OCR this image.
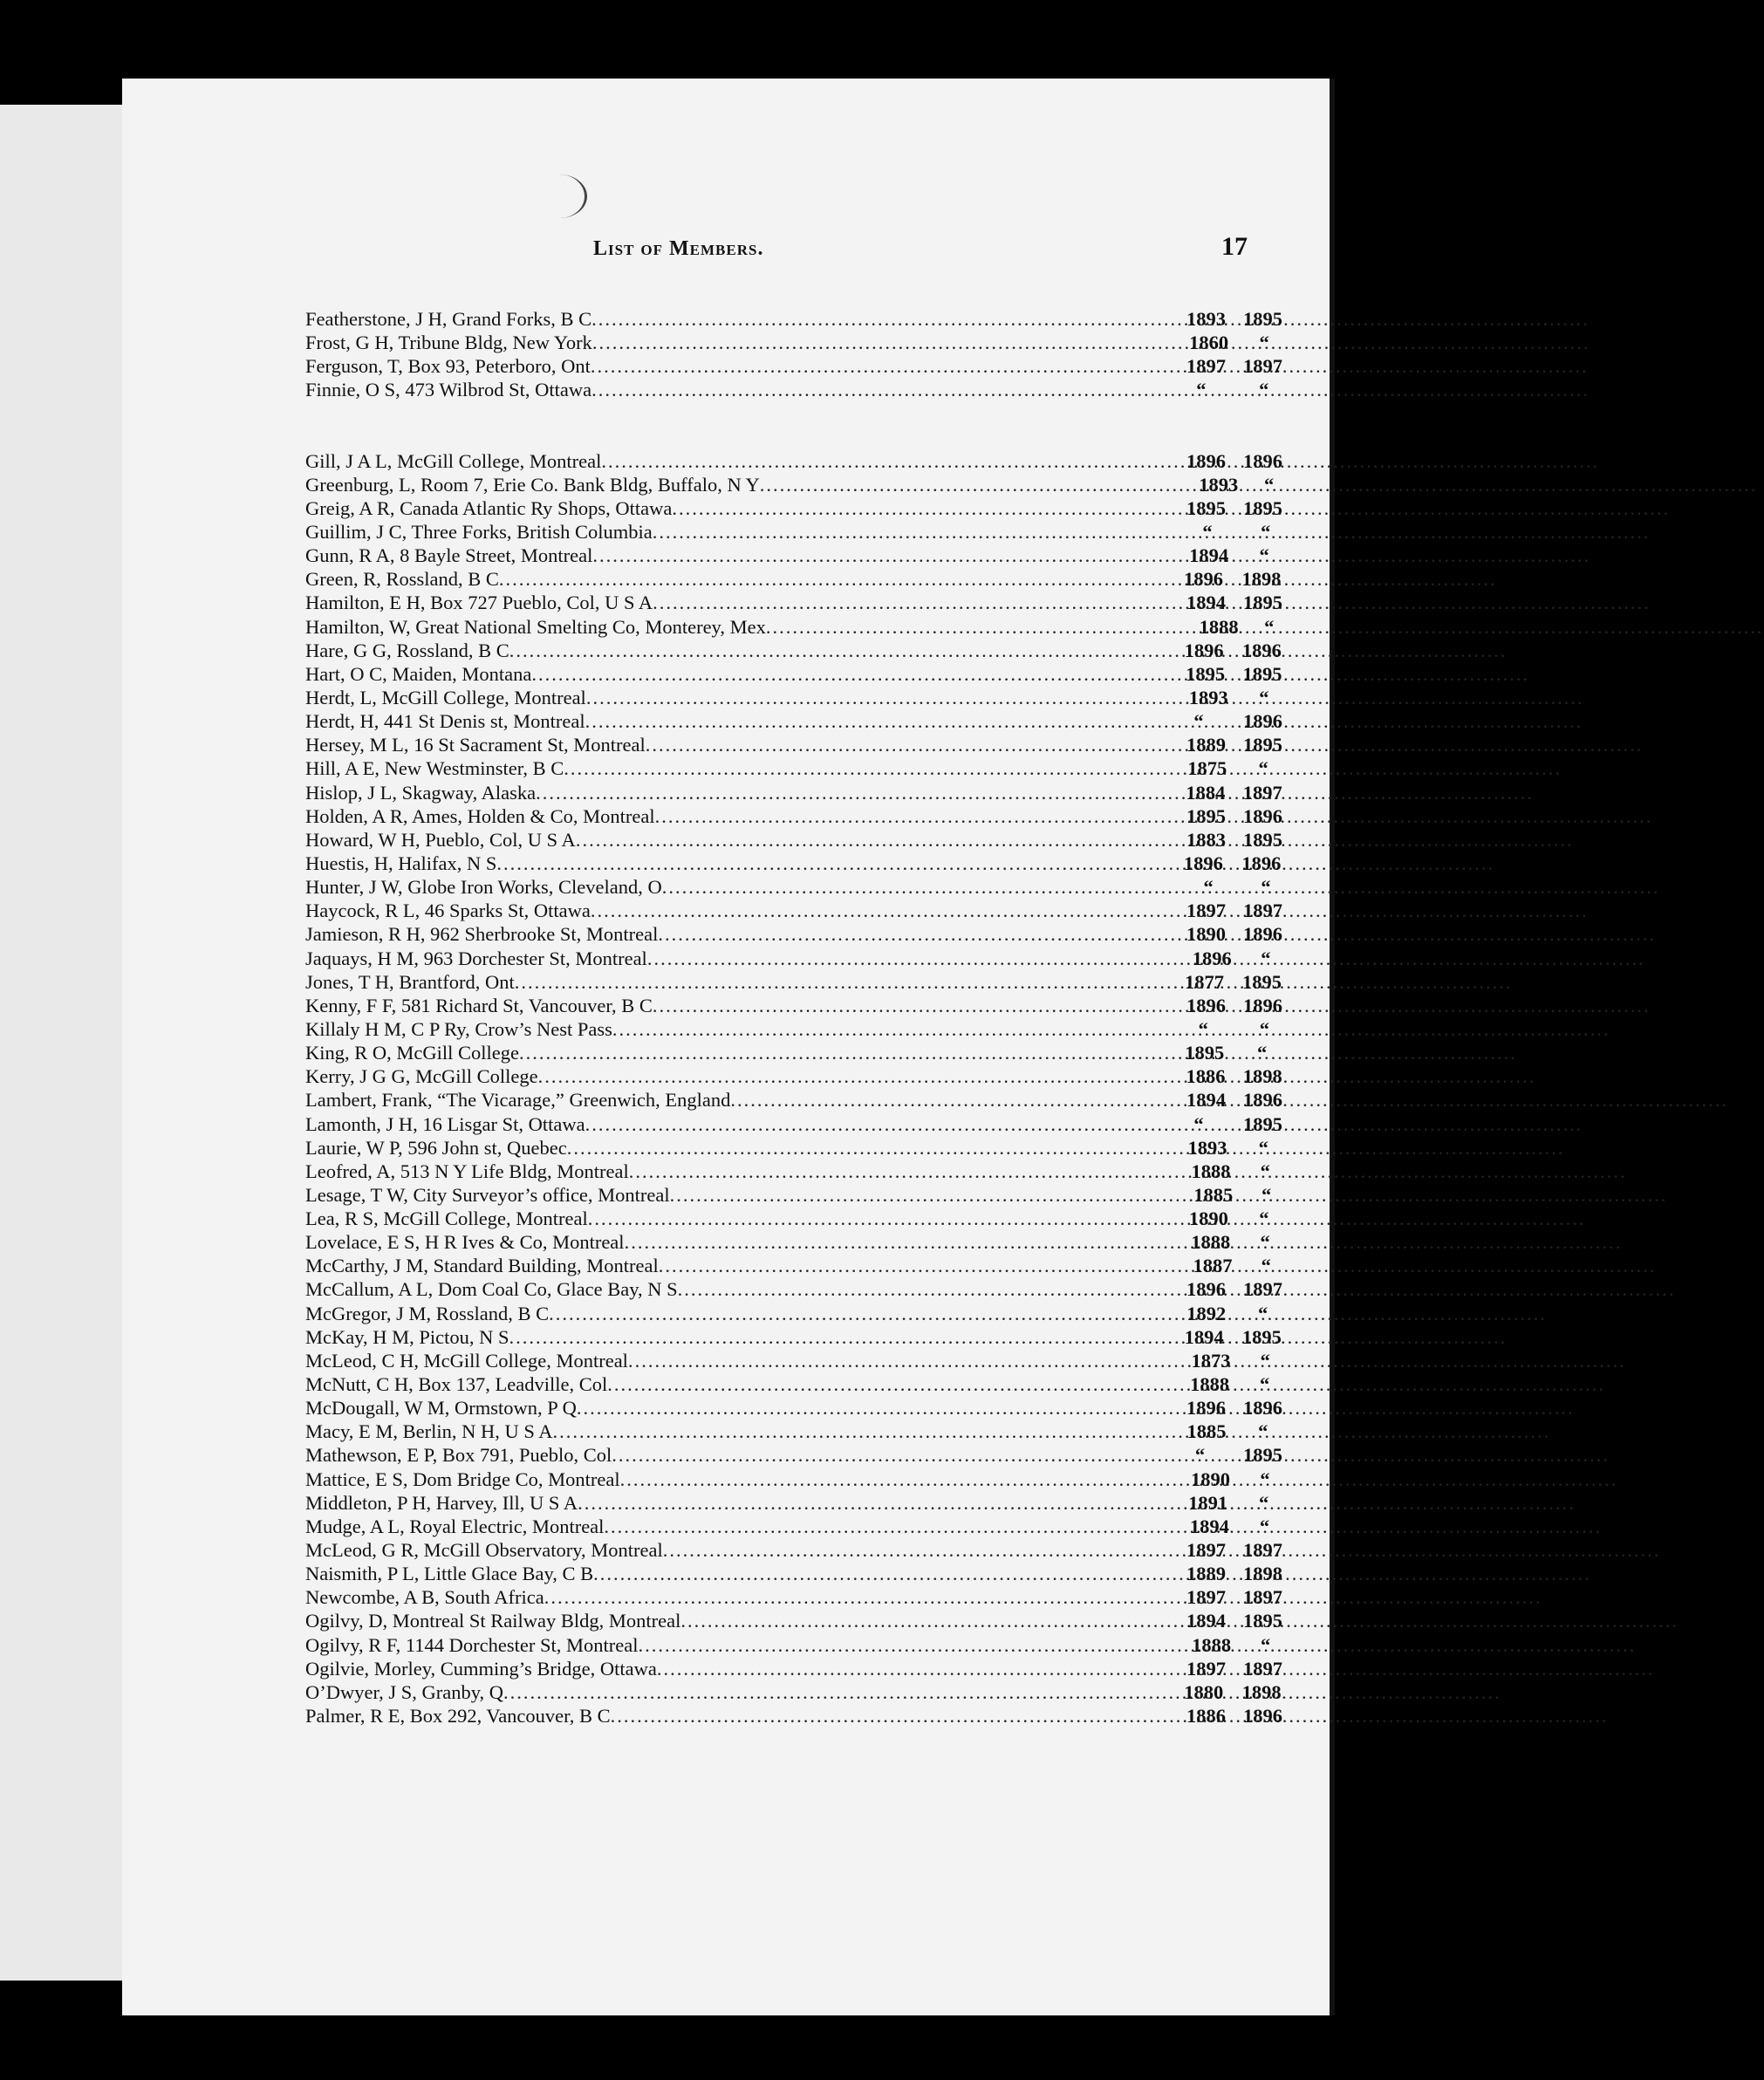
List of Members.	17
Featherstone, J H, Grand Forks, B C .....	1893 1895
Frost, G H, Tribune Bldg, New York .....	1860	“
Ferguson, T, Box 93, Peterboro, Ont .....	1897 1897
Finnie, O S, 473 Wilbrod St, Ottawa .....	“	“
Gill, J A L, McGill College, Montreal .....	1896 1896
Greenburg, L, Room 7, Erie Co. Bank Bldg, Buffalo, N Y .....	1893	“
Greig, A R, Canada Atlantic Ry Shops, Ottawa .....	1895 1895
Guillim, J C, Three Forks, British Columbia .....	“	“
Gunn, R A, 8 Bayle Street, Montreal .....	1894	“
Green, R, Rossland, B C .....	1896 1898
Hamilton, E H, Box 727 Pueblo, Col, U S A .....	1894 1895
Hamilton, W, Great National Smelting Co, Monterey, Mex .....	1888	“
Hare, G G, Rossland, B C .....	1896 1896
Hart, O C, Maiden, Montana .....	1895 1895
Herdt, L, McGill College, Montreal .....	1893	“
Herdt, H, 441 St Denis st, Montreal .....	“	1896
Hersey, M L, 16 St Sacrament St, Montreal .....	1889 1895
Hill, A E, New Westminster, B C .....	1875	“
Hislop, J L, Skagway, Alaska .....	1884 1897
Holden, A R, Ames, Holden & Co, Montreal .....	1895 1896
Howard, W H, Pueblo, Col, U S A .....	1883 1895
Huestis, H, Halifax, N S .....	1896 1896
Hunter, J W, Globe Iron Works, Cleveland, O .....	“	“
Haycock, R L, 46 Sparks St, Ottawa .....	1897 1897
Jamieson, R H, 962 Sherbrooke St, Montreal .....	1890 1896
Jaquays, H M, 963 Dorchester St, Montreal .....	1896	“
Jones, T H, Brantford, Ont .....	1877 1895
Kenny, F F, 581 Richard St, Vancouver, B C .....	1896 1896
Killaly H M, C P Ry, Crow’s Nest Pass .....	“	“
King, R O, McGill College .....	1895	“
Kerry, J G G, McGill College .....	1886 1898
Lambert, Frank, “The Vicarage,” Greenwich, England .....	1894 1896
Lamonth, J H, 16 Lisgar St, Ottawa .....	“	1895
Laurie, W P, 596 John st, Quebec .....	1893	“
Leofred, A, 513 N Y Life Bldg, Montreal .....	1888	“
Lesage, T W, City Surveyor’s office, Montreal .....	1885	“
Lea, R S, McGill College, Montreal .....	1890	“
Lovelace, E S, H R Ives & Co, Montreal .....	1888	“
McCarthy, J M, Standard Building, Montreal .....	1887	“
McCallum, A L, Dom Coal Co, Glace Bay, N S .....	1896 1897
McGregor, J M, Rossland, B C .....	1892	“
McKay, H M, Pictou, N S .....	1894 1895
McLeod, C H, McGill College, Montreal .....	1873	“
McNutt, C H, Box 137, Leadville, Col .....	1888	“
McDougall, W M, Ormstown, P Q .....	1896 1896
Macy, E M, Berlin, N H, U S A .....	1885	“
Mathewson, E P, Box 791, Pueblo, Col .....	“	1895
Mattice, E S, Dom Bridge Co, Montreal .....	1890	“
Middleton, P H, Harvey, Ill, U S A .....	1891	“
Mudge, A L, Royal Electric, Montreal .....	1894	“
McLeod, G R, McGill Observatory, Montreal .....	1897 1897
Naismith, P L, Little Glace Bay, C B .....	1889 1898
Newcombe, A B, South Africa .....	1897 1897
Ogilvy, D, Montreal St Railway Bldg, Montreal .....	1894 1895
Ogilvy, R F, 1144 Dorchester St, Montreal .....	1888	“
Ogilvie, Morley, Cumming’s Bridge, Ottawa .....	1897 1897
O’Dwyer, J S, Granby, Q .....	1880 1898
Palmer, R E, Box 292, Vancouver, B C .....	1886 1896
